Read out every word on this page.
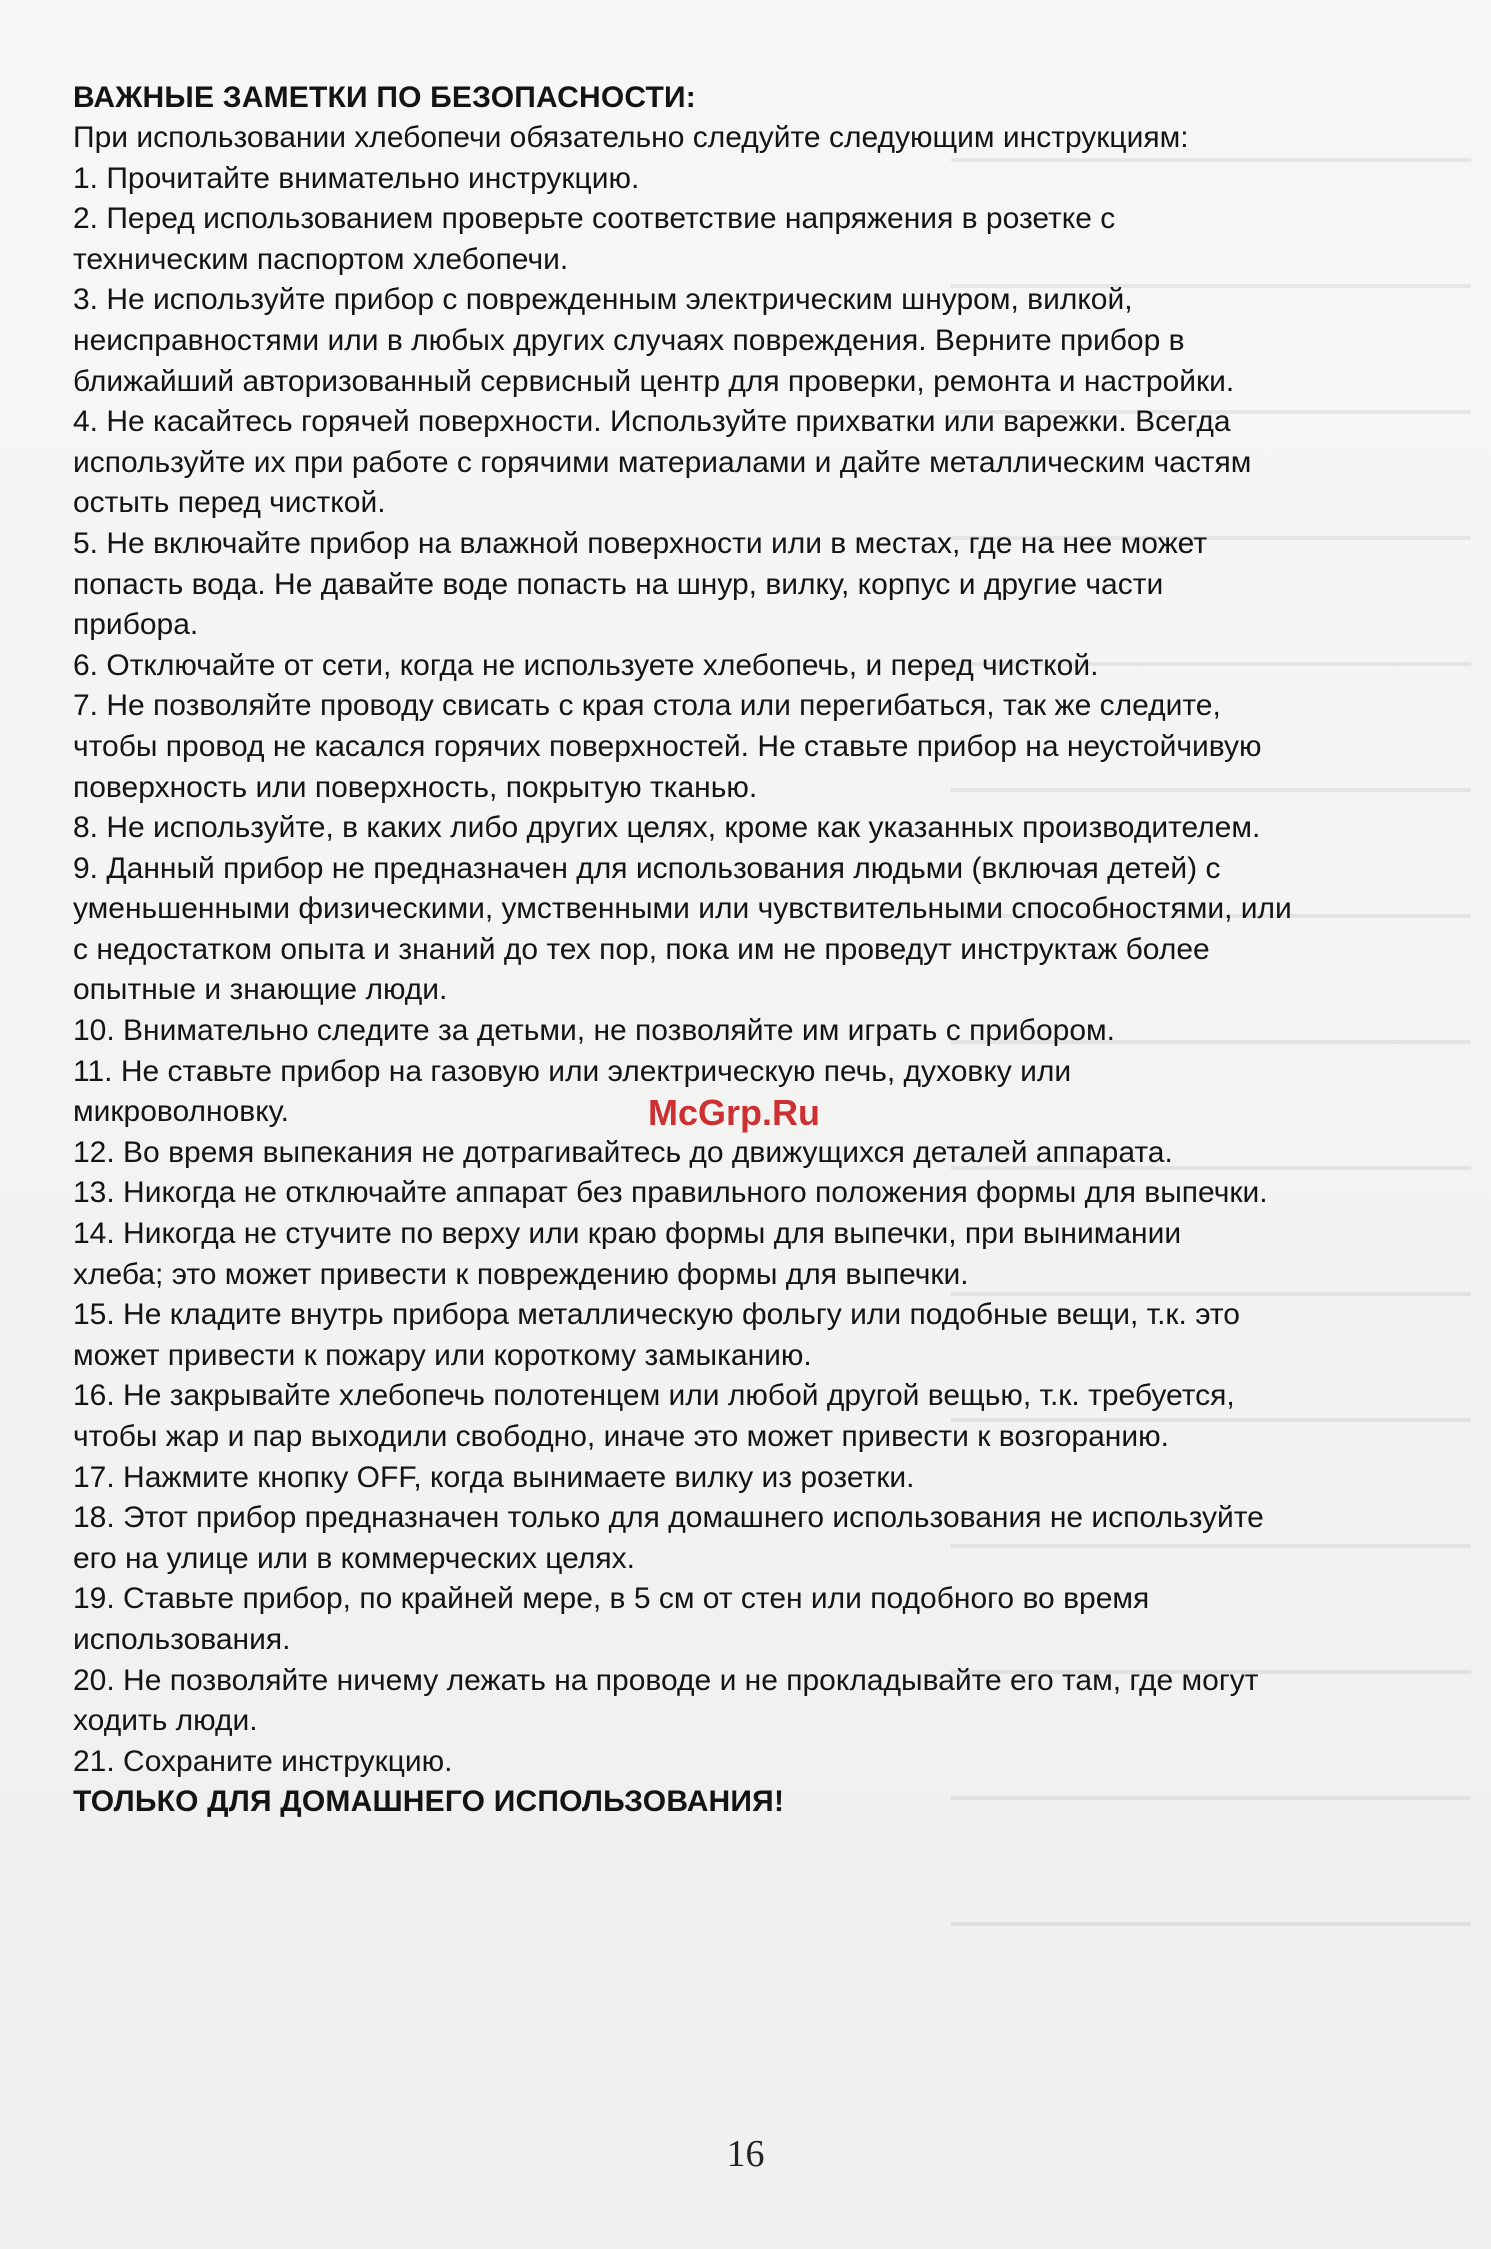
ВАЖНЫЕ ЗАМЕТКИ ПО БЕЗОПАСНОСТИ:
При использовании хлебопечи обязательно следуйте следующим инструкциям:
1. Прочитайте внимательно инструкцию.
2. Перед использованием проверьте соответствие напряжения в розетке с
техническим паспортом хлебопечи.
3. Не используйте прибор с поврежденным электрическим шнуром, вилкой,
неисправностями или в любых других случаях повреждения. Верните прибор в
ближайший авторизованный сервисный центр для проверки, ремонта и настройки.
4. Не касайтесь горячей поверхности. Используйте прихватки или варежки. Всегда
используйте их при работе с горячими материалами и дайте металлическим частям
остыть перед чисткой.
5. Не включайте прибор на влажной поверхности или в местах, где на нее может
попасть вода. Не давайте воде попасть на шнур, вилку, корпус и другие части
прибора.
6. Отключайте от сети, когда не используете хлебопечь, и перед чисткой.
7. Не позволяйте проводу свисать с края стола или перегибаться, так же следите,
чтобы провод не касался горячих поверхностей. Не ставьте прибор на неустойчивую
поверхность или поверхность, покрытую тканью.
8. Не используйте, в каких либо других целях, кроме как указанных производителем.
9. Данный прибор не предназначен для использования людьми (включая детей) с
уменьшенными физическими, умственными или чувствительными способностями, или
с недостатком опыта и знаний до тех пор, пока им не проведут инструктаж более
опытные и знающие люди.
10. Внимательно следите за детьми, не позволяйте им играть с прибором.
11. Не ставьте прибор на газовую или электрическую печь, духовку или
микроволновку.
12. Во время выпекания не дотрагивайтесь до движущихся деталей аппарата.
13. Никогда не отключайте аппарат без правильного положения формы для выпечки.
14. Никогда не стучите по верху или краю формы для выпечки, при вынимании
хлеба; это может привести к повреждению формы для выпечки.
15. Не кладите внутрь прибора металлическую фольгу или подобные вещи, т.к. это
может привести к пожару или короткому замыканию.
16. Не закрывайте хлебопечь полотенцем или любой другой вещью, т.к. требуется,
чтобы жар и пар выходили свободно, иначе это может привести к возгоранию.
17. Нажмите кнопку OFF, когда вынимаете вилку из розетки.
18. Этот прибор предназначен только для домашнего использования не используйте
его на улице или в коммерческих целях.
19. Ставьте прибор, по крайней мере, в 5 см от стен или подобного во время
использования.
20. Не позволяйте ничему лежать на проводе и не прокладывайте его там, где могут
ходить люди.
21. Сохраните инструкцию.
ТОЛЬКО ДЛЯ ДОМАШНЕГО ИСПОЛЬЗОВАНИЯ!
McGrp.Ru
16
